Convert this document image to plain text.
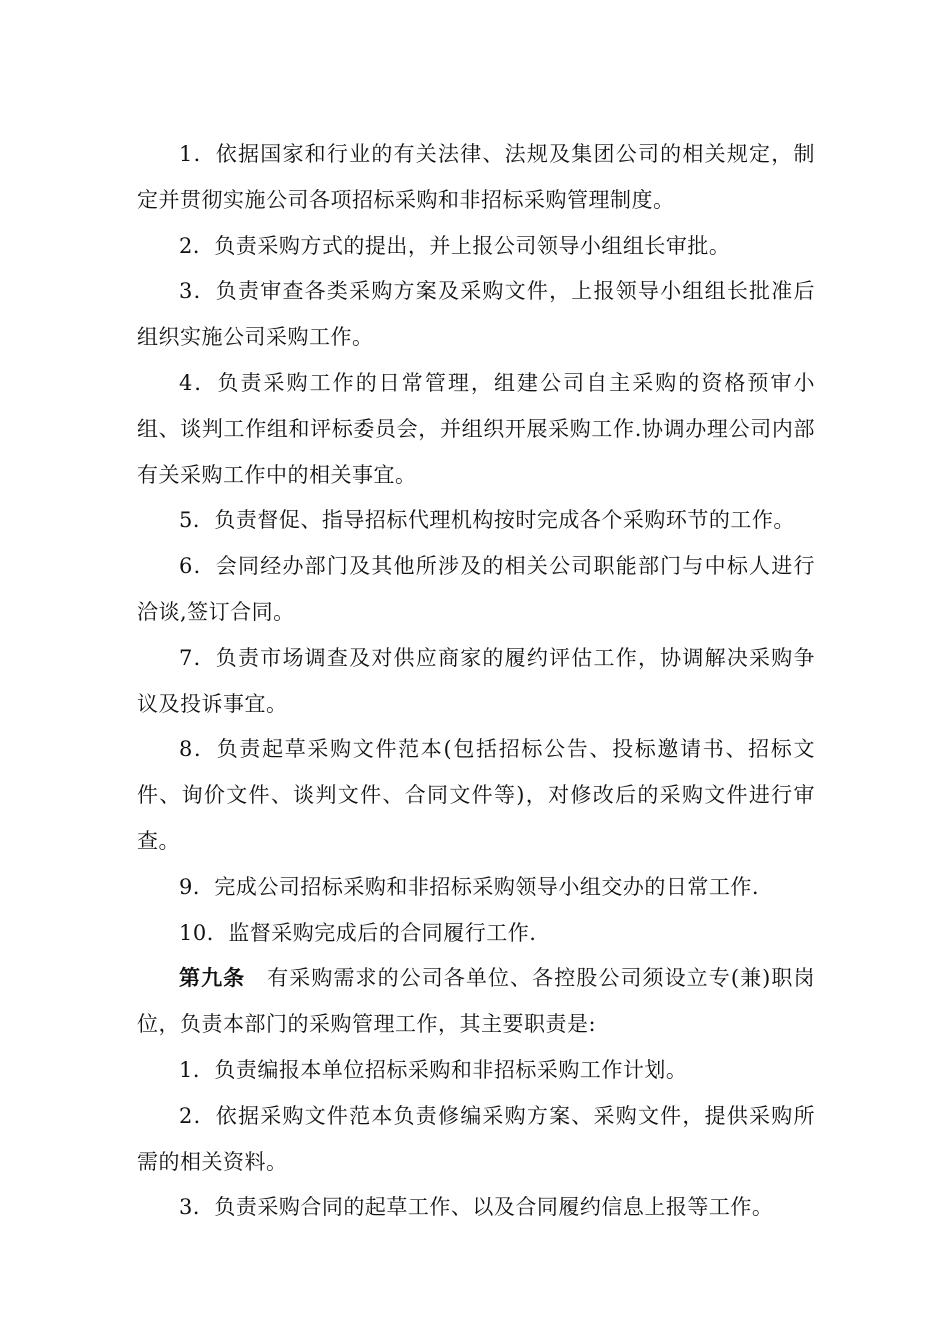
1．依据国家和行业的有关法律、法规及集团公司的相关规定，制定并贯彻实施公司各项招标采购和非招标采购管理制度。

2．负责采购方式的提出，并上报公司领导小组组长审批。

3．负责审查各类采购方案及采购文件，上报领导小组组长批准后组织实施公司采购工作。

4．负责采购工作的日常管理，组建公司自主采购的资格预审小组、谈判工作组和评标委员会，并组织开展采购工作.协调办理公司内部有关采购工作中的相关事宜。

5．负责督促、指导招标代理机构按时完成各个采购环节的工作。

6．会同经办部门及其他所涉及的相关公司职能部门与中标人进行洽谈,签订合同。

7．负责市场调查及对供应商家的履约评估工作，协调解决采购争议及投诉事宜。

8．负责起草采购文件范本(包括招标公告、投标邀请书、招标文件、询价文件、谈判文件、合同文件等)，对修改后的采购文件进行审查。

9．完成公司招标采购和非招标采购领导小组交办的日常工作.

10．监督采购完成后的合同履行工作.

第九条 有采购需求的公司各单位、各控股公司须设立专(兼)职岗位，负责本部门的采购管理工作，其主要职责是:

1．负责编报本单位招标采购和非招标采购工作计划。

2．依据采购文件范本负责修编采购方案、采购文件，提供采购所需的相关资料。

3．负责采购合同的起草工作、以及合同履约信息上报等工作。
